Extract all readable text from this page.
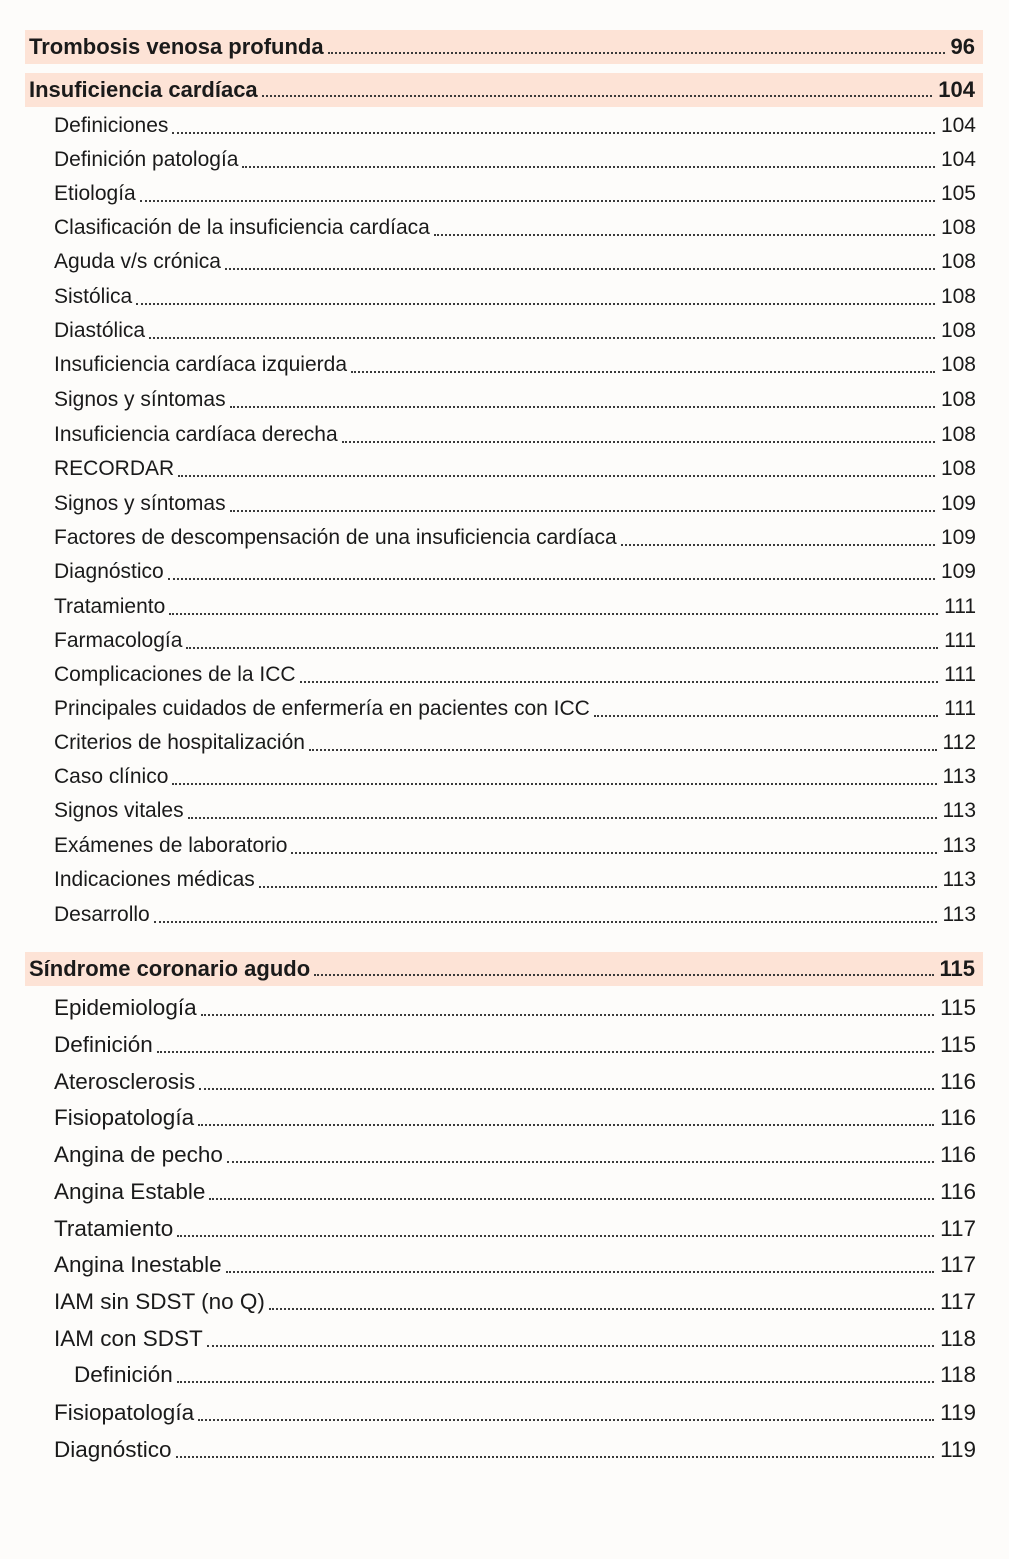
Trombosis venosa profunda	96
Insuficiencia cardíaca	104
Definiciones	104
Definición patología	104
Etiología	105
Clasificación de la insuficiencia cardíaca	108
Aguda v/s crónica	108
Sistólica	108
Diastólica	108
Insuficiencia cardíaca izquierda	108
Signos y síntomas	108
Insuficiencia cardíaca derecha	108
RECORDAR	108
Signos y síntomas	109
Factores de descompensación de una insuficiencia cardíaca	109
Diagnóstico	109
Tratamiento	111
Farmacología	111
Complicaciones de la ICC	111
Principales cuidados de enfermería en pacientes con ICC	111
Criterios de hospitalización	112
Caso clínico	113
Signos vitales	113
Exámenes de laboratorio	113
Indicaciones médicas	113
Desarrollo	113
Síndrome coronario agudo	115
Epidemiología	115
Definición	115
Aterosclerosis	116
Fisiopatología	116
Angina de pecho	116
Angina Estable	116
Tratamiento	117
Angina Inestable	117
IAM sin SDST (no Q)	117
IAM con SDST	118
Definición	118
Fisiopatología	119
Diagnóstico	119
